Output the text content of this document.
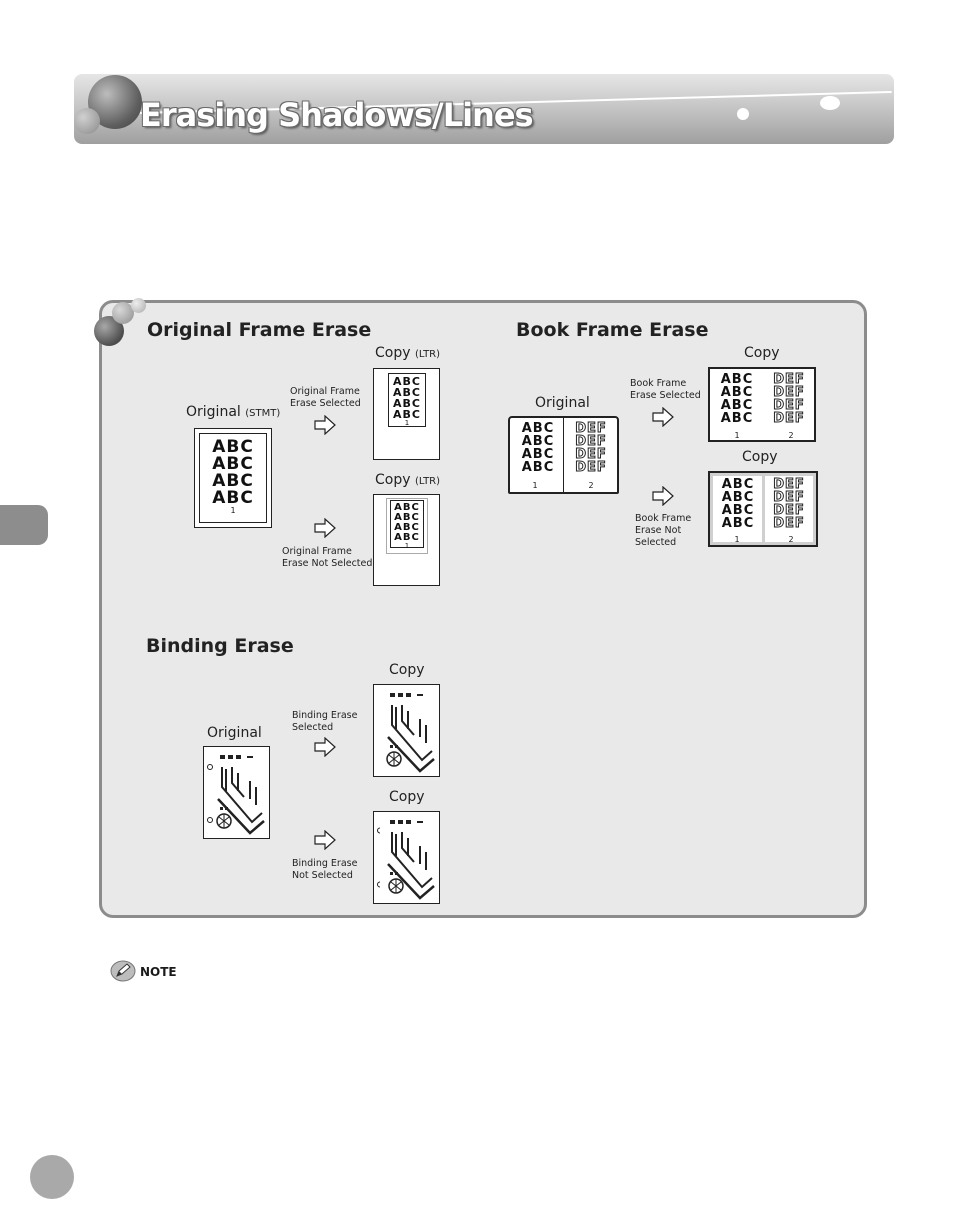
Erasing Shadows/Lines
Original Frame Erase
Original (STMT)
ABC
ABC
ABC
ABC
1
Original Frame
Erase Selected
Copy (LTR)
ABC
ABC
ABC
ABC
1
Original Frame
Erase Not Selected
Copy (LTR)
ABC
ABC
ABC
ABC
1
Book Frame Erase
Original
ABC
ABC
ABC
ABC
DEF
DEF
DEF
DEF
1	2
Book Frame
Erase Selected
Copy
ABC
ABC
ABC
ABC
DEF
DEF
DEF
DEF
1	2
Book Frame
Erase Not
Selected
Copy
ABC
ABC
ABC
ABC
DEF
DEF
DEF
DEF
1	2
Binding Erase
Original
Binding Erase
Selected
Copy
Binding Erase
Not Selected
Copy
NOTE
